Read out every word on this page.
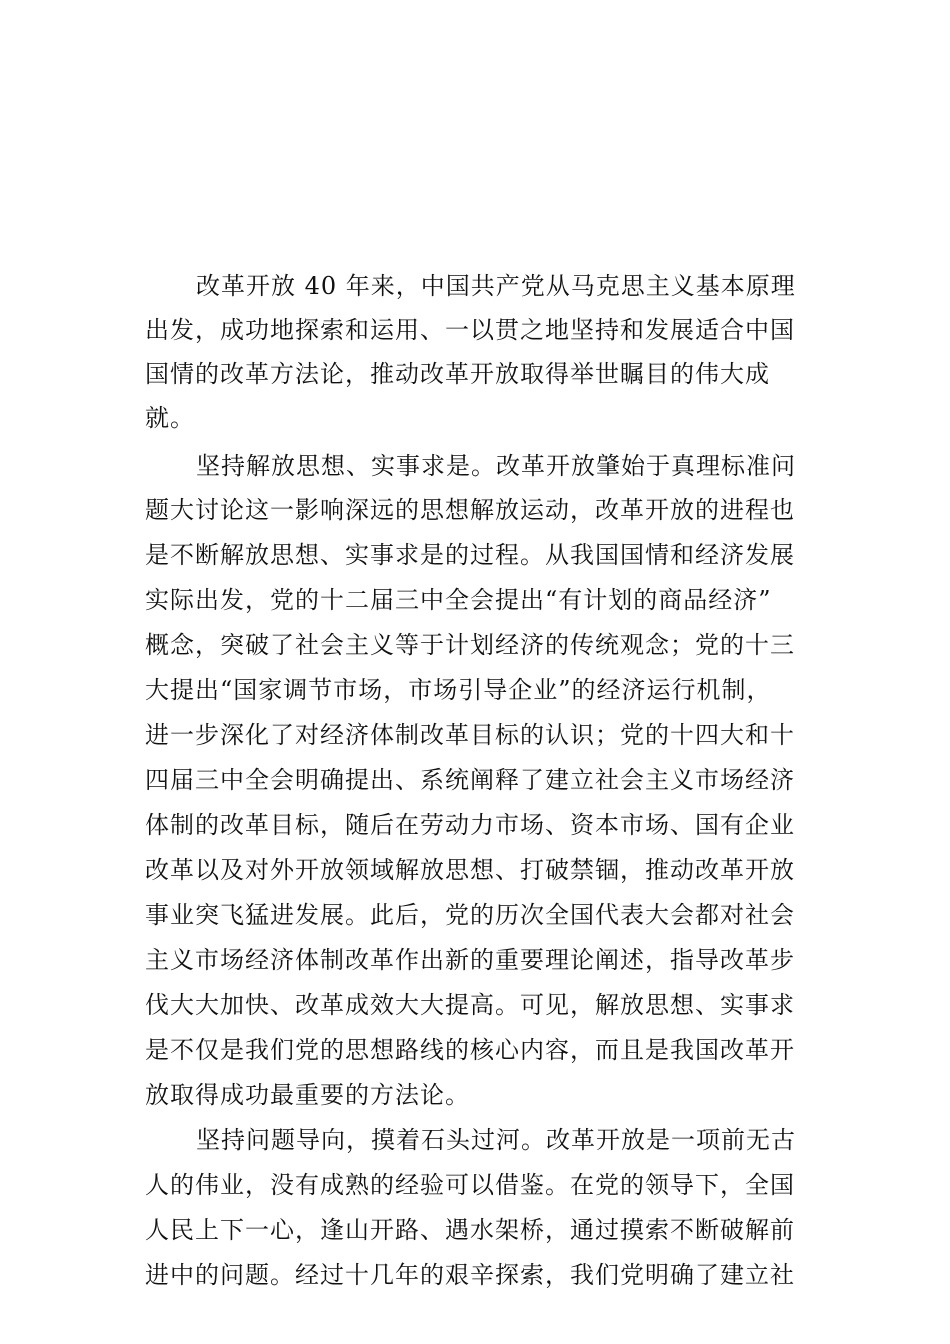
改革开放 40 年来，中国共产党从马克思主义基本原理
出发，成功地探索和运用、一以贯之地坚持和发展适合中国
国情的改革方法论，推动改革开放取得举世瞩目的伟大成
就。
坚持解放思想、实事求是。改革开放肇始于真理标准问
题大讨论这一影响深远的思想解放运动，改革开放的进程也
是不断解放思想、实事求是的过程。从我国国情和经济发展
实际出发，党的十二届三中全会提出“有计划的商品经济”
概念，突破了社会主义等于计划经济的传统观念；党的十三
大提出“国家调节市场，市场引导企业”的经济运行机制，
进一步深化了对经济体制改革目标的认识；党的十四大和十
四届三中全会明确提出、系统阐释了建立社会主义市场经济
体制的改革目标，随后在劳动力市场、资本市场、国有企业
改革以及对外开放领域解放思想、打破禁锢，推动改革开放
事业突飞猛进发展。此后，党的历次全国代表大会都对社会
主义市场经济体制改革作出新的重要理论阐述，指导改革步
伐大大加快、改革成效大大提高。可见，解放思想、实事求
是不仅是我们党的思想路线的核心内容，而且是我国改革开
放取得成功最重要的方法论。
坚持问题导向，摸着石头过河。改革开放是一项前无古
人的伟业，没有成熟的经验可以借鉴。在党的领导下，全国
人民上下一心，逢山开路、遇水架桥，通过摸索不断破解前
进中的问题。经过十几年的艰辛探索，我们党明确了建立社
